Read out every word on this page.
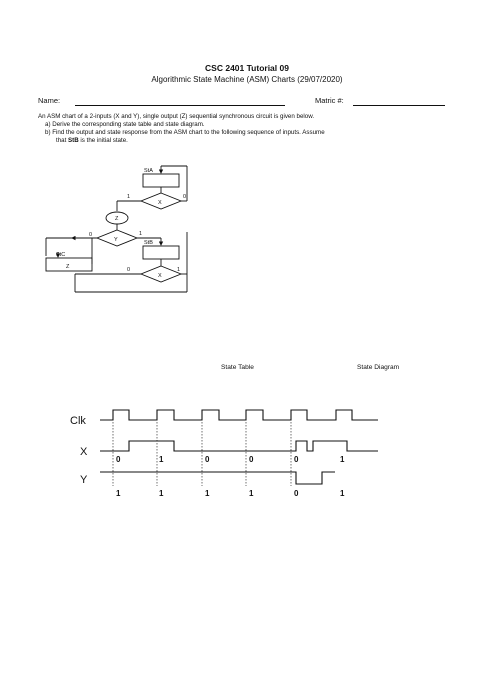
CSC 2401 Tutorial 09
Algorithmic State Machine (ASM) Charts (29/07/2020)
Name:	Matric #:
An ASM chart of a 2-inputs (X and Y), single output (Z) sequential synchronous circuit is given below.
a) Derive the corresponding state table and state diagram.
b) Find the output and state response from the ASM chart to the following sequence of inputs. Assume
that StB is the initial state.
StA
X
Z
Y	StB
X
StC
Z
1	0
0	1
0	1
State Table	State Diagram
Clk
X
Y
0	1	0	0	0	1
1	1	1	1	0	1
